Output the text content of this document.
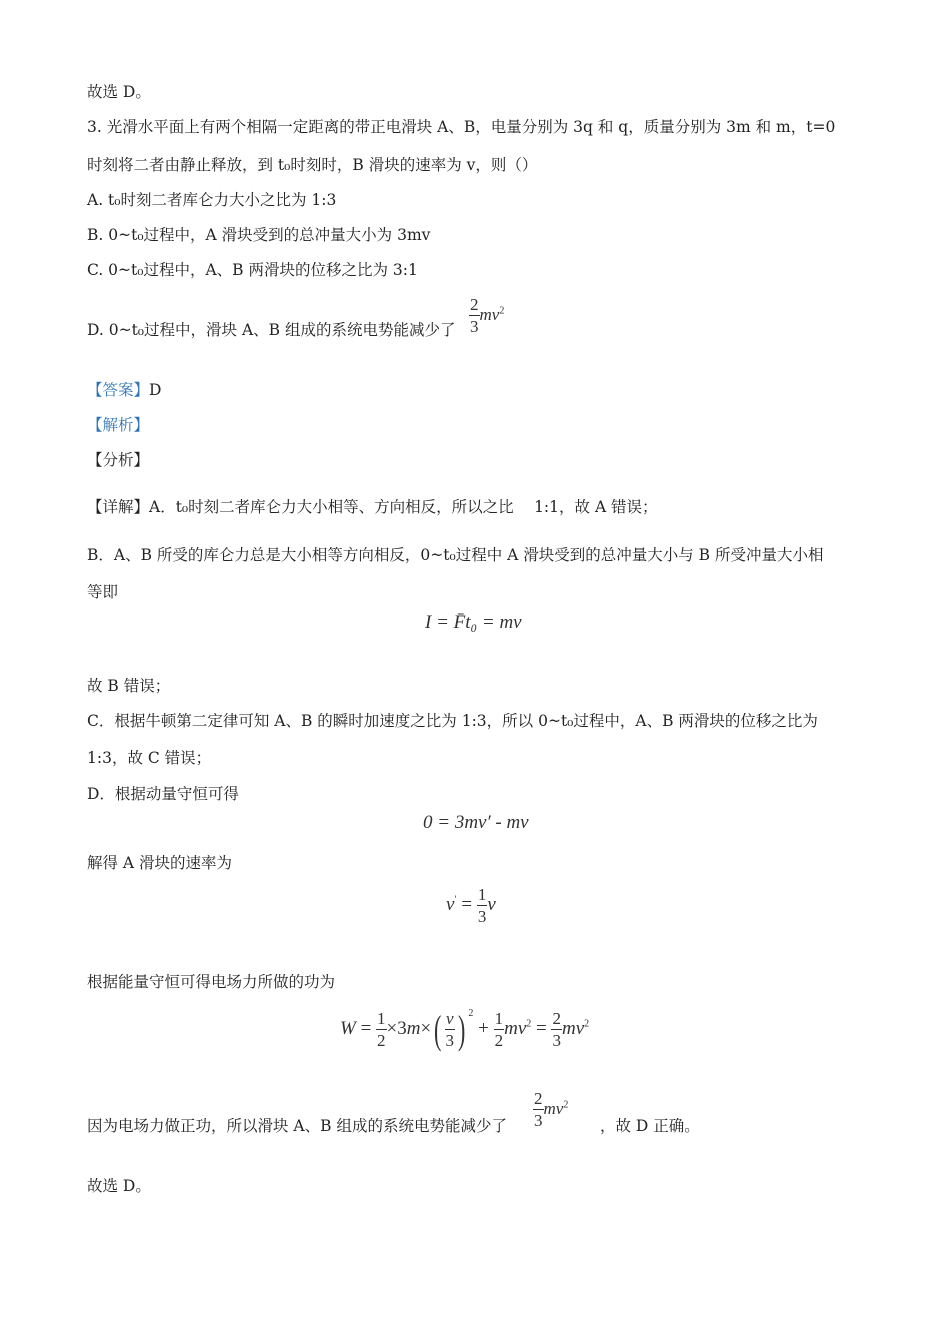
故选 D。
3. 光滑水平面上有两个相隔一定距离的带正电滑块 A、B，电量分别为 3q 和 q，质量分别为 3m 和 m，t=0
时刻将二者由静止释放，到 t₀时刻时，B 滑块的速率为 v，则（）
A. t₀时刻二者库仑力大小之比为 1:3
B. 0~t₀过程中，A 滑块受到的总冲量大小为 3mv
C. 0~t₀过程中，A、B 两滑块的位移之比为 3:1
D. 0~t₀过程中，滑块 A、B 组成的系统电势能减少了 $\frac{2}{3} mv^2$
【答案】D
【解析】
【分析】
【详解】A．t₀时刻二者库仑力大小相等、方向相反，所以之比　 1:1，故 A 错误；
B．A、B 所受的库仑力总是大小相等方向相反，0~t₀过程中 A 滑块受到的总冲量大小与 B 所受冲量大小相
等即
I = F̄t₀ = mv
故 B 错误；
C．根据牛顿第二定律可知 A、B 的瞬时加速度之比为 1:3，所以 0~t₀过程中，A、B 两滑块的位移之比为
1:3，故 C 错误；
D．根据动量守恒可得
0 = 3mv′ - mv
解得 A 滑块的速率为
$v' = \frac{1}{3}$ v
根据能量守恒可得电场力所做的功为
$W = \frac{1}{2} \times 3m\times( \frac{v}{3}$ ) $^2 + \frac{1}{2} mv^2 = \frac{2}{3} mv^2$
因为电场力做正功，所以滑块 A、B 组成的系统电势能减少了 $\frac{2}{3} mv^2$
，故 D 正确。
故选 D。
